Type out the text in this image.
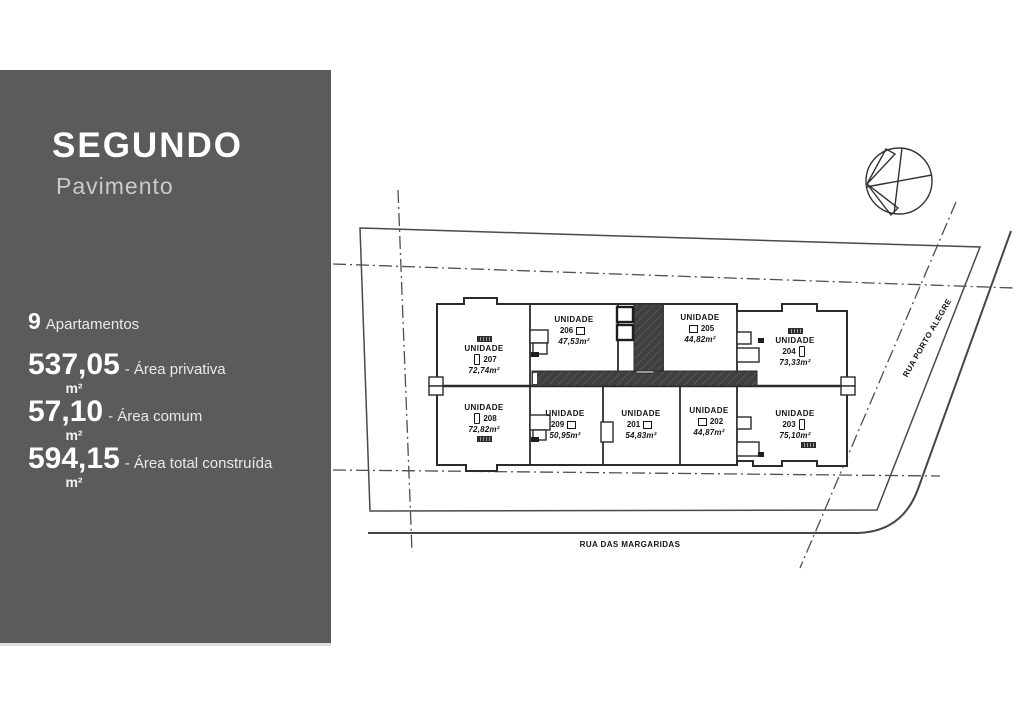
SEGUNDO
Pavimento
9 Apartamentos
537,05
m²
- Área privativa
57,10
m²
- Área comum
594,15
m²
- Área total construída
UNIDADE
207
72,74m²
UNIDADE
206
47,53m²
UNIDADE
205
44,82m²	UNIDADE
204
73,33m²
UNIDADE
208
72,82m²
UNIDADE
209
50,95m²
UNIDADE
201
54,83m²
UNIDADE
202
44,87m²
UNIDADE
203
75,10m²
RUA DAS MARGARIDAS
RUA PORTO ALEGRE
